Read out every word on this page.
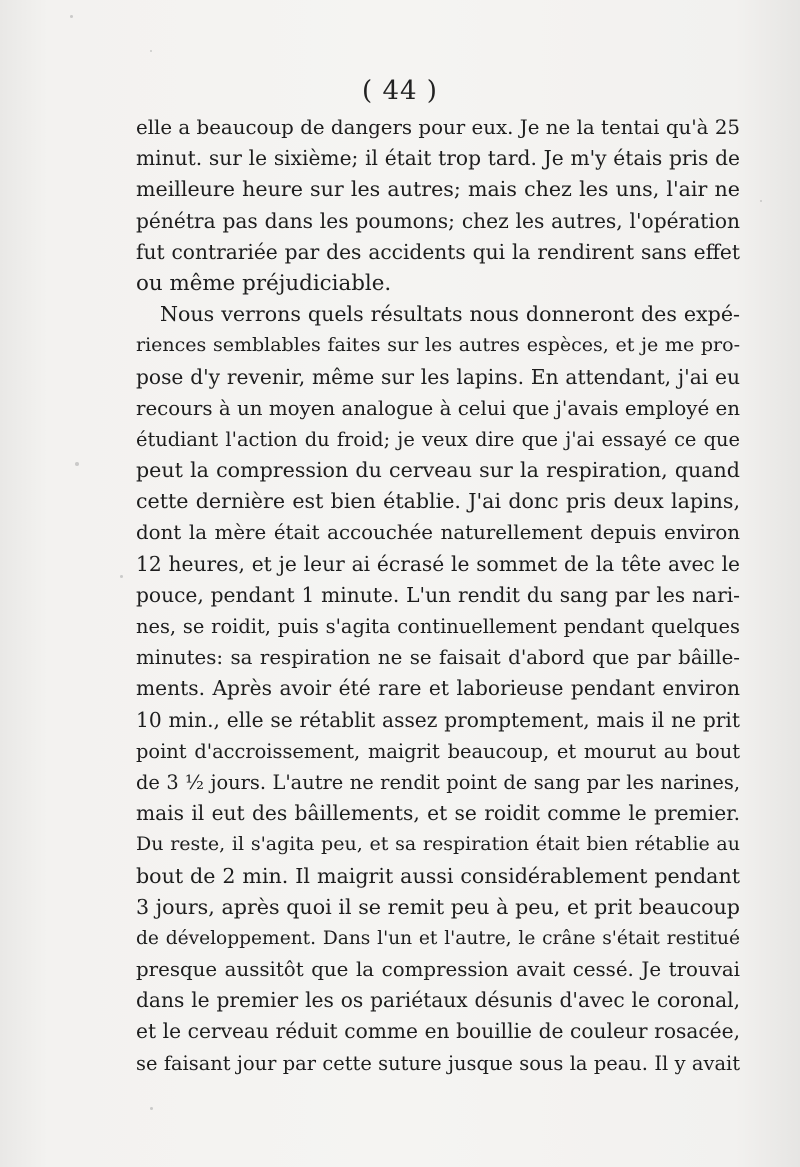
( 44 )
elle a beaucoup de dangers pour eux. Je ne la tentai qu'à 25
minut. sur le sixième; il était trop tard. Je m'y étais pris de
meilleure heure sur les autres; mais chez les uns, l'air ne
pénétra pas dans les poumons; chez les autres, l'opération
fut contrariée par des accidents qui la rendirent sans effet
ou même préjudiciable.
Nous verrons quels résultats nous donneront des expé-
riences semblables faites sur les autres espèces, et je me pro-
pose d'y revenir, même sur les lapins. En attendant, j'ai eu
recours à un moyen analogue à celui que j'avais employé en
étudiant l'action du froid; je veux dire que j'ai essayé ce que
peut la compression du cerveau sur la respiration, quand
cette dernière est bien établie. J'ai donc pris deux lapins,
dont la mère était accouchée naturellement depuis environ
12 heures, et je leur ai écrasé le sommet de la tête avec le
pouce, pendant 1 minute. L'un rendit du sang par les nari-
nes, se roidit, puis s'agita continuellement pendant quelques
minutes: sa respiration ne se faisait d'abord que par bâille-
ments. Après avoir été rare et laborieuse pendant environ
10 min., elle se rétablit assez promptement, mais il ne prit
point d'accroissement, maigrit beaucoup, et mourut au bout
de 3 ½ jours. L'autre ne rendit point de sang par les narines,
mais il eut des bâillements, et se roidit comme le premier.
Du reste, il s'agita peu, et sa respiration était bien rétablie au
bout de 2 min. Il maigrit aussi considérablement pendant
3 jours, après quoi il se remit peu à peu, et prit beaucoup
de développement. Dans l'un et l'autre, le crâne s'était restitué
presque aussitôt que la compression avait cessé. Je trouvai
dans le premier les os pariétaux désunis d'avec le coronal,
et le cerveau réduit comme en bouillie de couleur rosacée,
se faisant jour par cette suture jusque sous la peau. Il y avait
